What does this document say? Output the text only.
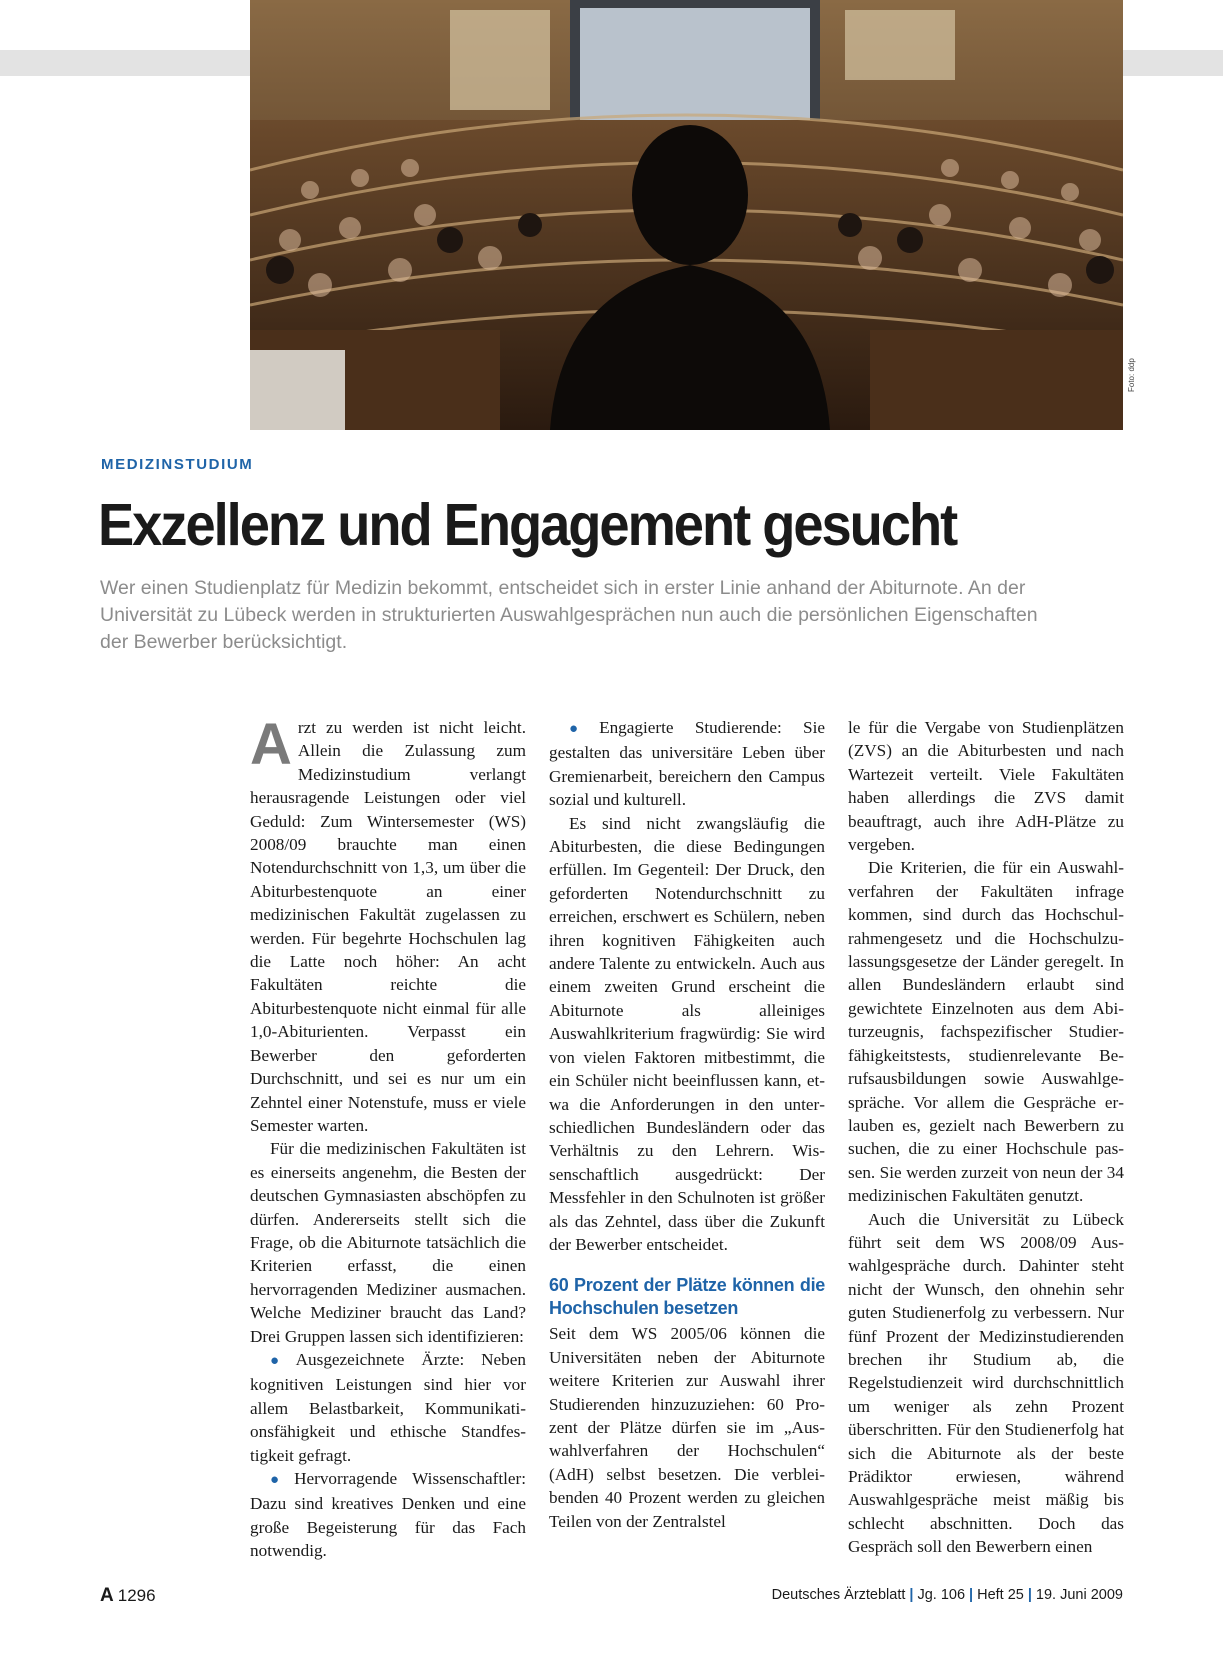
Foto: ddp
MEDIZINSTUDIUM
Exzellenz und Engagement gesucht
Wer einen Studienplatz für Medizin bekommt, entscheidet sich in erster Linie anhand der Abiturnote. An der Universität zu Lübeck werden in strukturierten Auswahlgesprächen nun auch die persönlichen Eigenschaften der Bewerber berücksichtigt.

Arzt zu werden ist nicht leicht. Allein die Zulassung zum Medizinstudium verlangt herausragende Leistungen oder viel Geduld: Zum Wintersemester (WS) 2008/09 brauchte man einen Notendurchschnitt von 1,3, um über die Abiturbestenquote an einer medizinischen Fakultät zugelassen zu werden. Für begehrte Hochschulen lag die Latte noch höher: An acht Fakultäten reichte die Abiturbestenquote nicht einmal für alle 1,0-Abiturienten. Verpasst ein Bewerber den geforderten Durchschnitt, und sei es nur um ein Zehntel einer Notenstufe, muss er viele Semester warten.

Für die medizinischen Fakultäten ist es einerseits angenehm, die Besten der deutschen Gymnasiasten abschöpfen zu dürfen. Andererseits stellt sich die Frage, ob die Abiturnote tatsächlich die Kriterien erfasst, die einen hervorragenden Mediziner ausmachen. Welche Mediziner braucht das Land? Drei Gruppen lassen sich identifizieren:

● Ausgezeichnete Ärzte: Neben kognitiven Leistungen sind hier vor allem Belastbarkeit, Kommunikationsfähigkeit und ethische Standfestigkeit gefragt.

● Hervorragende Wissenschaftler: Dazu sind kreatives Denken und eine große Begeisterung für das Fach notwendig.

● Engagierte Studierende: Sie gestalten das universitäre Leben über Gremienarbeit, bereichern den Campus sozial und kulturell.

Es sind nicht zwangsläufig die Abiturbesten, die diese Bedingungen erfüllen. Im Gegenteil: Der Druck, den geforderten Notendurchschnitt zu erreichen, erschwert es Schülern, neben ihren kognitiven Fähigkeiten auch andere Talente zu entwickeln. Auch aus einem zweiten Grund erscheint die Abiturnote als alleiniges Auswahlkriterium fragwürdig: Sie wird von vielen Faktoren mitbestimmt, die ein Schüler nicht beeinflussen kann, etwa die Anforderungen in den unterschiedlichen Bundesländern oder das Verhältnis zu den Lehrern. Wissenschaftlich ausgedrückt: Der Messfehler in den Schulnoten ist größer als das Zehntel, dass über die Zukunft der Bewerber entscheidet.

60 Prozent der Plätze können die Hochschulen besetzen

Seit dem WS 2005/06 können die Universitäten neben der Abiturnote weitere Kriterien zur Auswahl ihrer Studierenden hinzuzuziehen: 60 Prozent der Plätze dürfen sie im „Auswahlverfahren der Hochschulen“ (AdH) selbst besetzen. Die verbleibenden 40 Prozent werden zu gleichen Teilen von der Zentralstel

le für die Vergabe von Studienplätzen (ZVS) an die Abiturbesten und nach Wartezeit verteilt. Viele Fakultäten haben allerdings die ZVS damit beauftragt, auch ihre AdH-Plätze zu vergeben.

Die Kriterien, die für ein Auswahlverfahren der Fakultäten infrage kommen, sind durch das Hochschulrahmengesetz und die Hochschulzulassungsgesetze der Länder geregelt. In allen Bundesländern erlaubt sind gewichtete Einzelnoten aus dem Abiturzeugnis, fachspezifischer Studierfähigkeitstests, studienrelevante Berufsausbildungen sowie Auswahlgespräche. Vor allem die Gespräche erlauben es, gezielt nach Bewerbern zu suchen, die zu einer Hochschule passen. Sie werden zurzeit von neun der 34 medizinischen Fakultäten genutzt.

Auch die Universität zu Lübeck führt seit dem WS 2008/09 Auswahlgespräche durch. Dahinter steht nicht der Wunsch, den ohnehin sehr guten Studienerfolg zu verbessern. Nur fünf Prozent der Medizinstudierenden brechen ihr Studium ab, die Regelstudienzeit wird durchschnittlich um weniger als zehn Prozent überschritten. Für den Studienerfolg hat sich die Abiturnote als der beste Prädiktor erwiesen, während Auswahlgespräche meist mäßig bis schlecht abschnitten. Doch das Gespräch soll den Bewerbern einen

A 1296	Deutsches Ärzteblatt | Jg. 106 | Heft 25 | 19. Juni 2009
